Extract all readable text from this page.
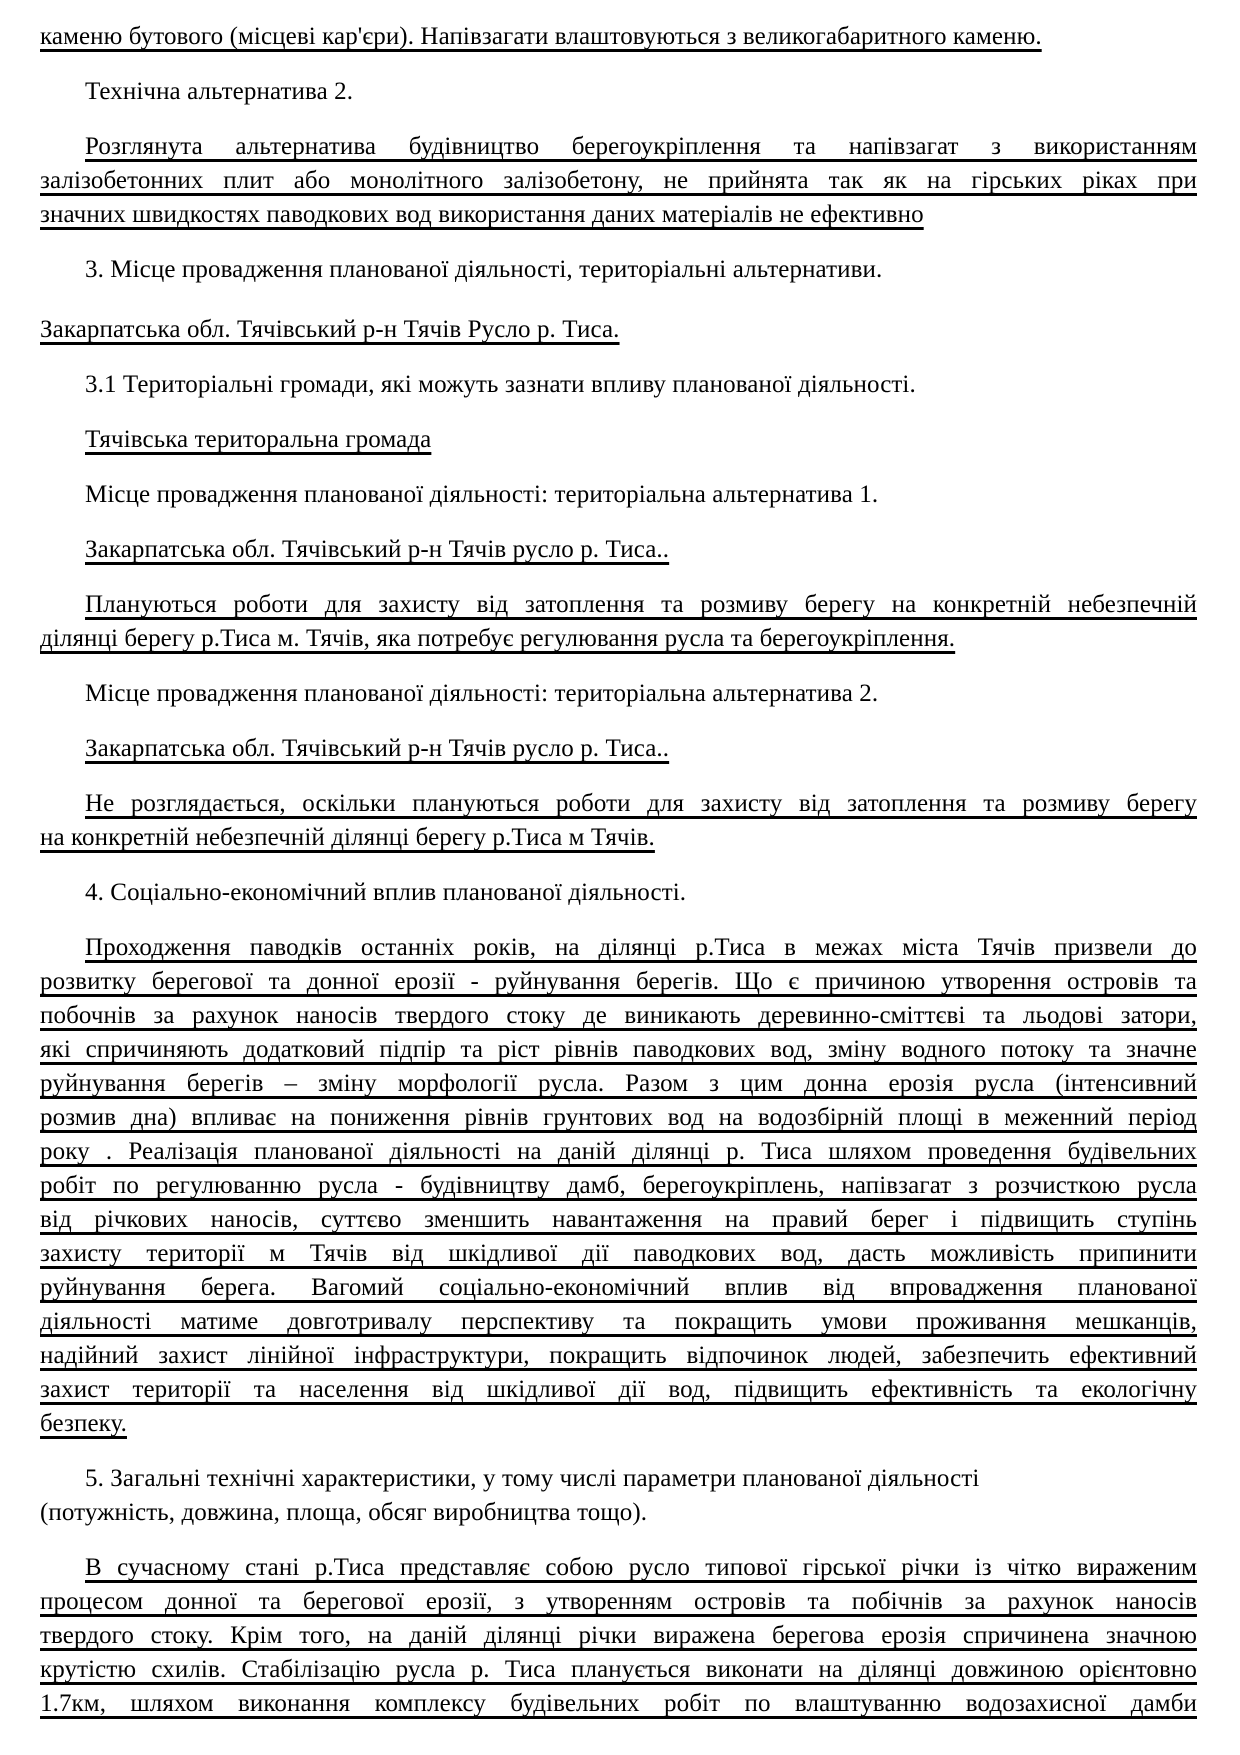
каменю бутового (місцеві кар'єри). Напівзагати влаштовуються з великогабаритного каменю.
Технічна альтернатива 2.
Розглянута альтернатива будівництво берегоукріплення та напівзагат з використанням
залізобетонних плит або монолітного залізобетону, не прийнята так як на гірських ріках при
значних швидкостях паводкових вод використання даних матеріалів не ефективно
3. Місце провадження планованої діяльності, територіальні альтернативи.
Закарпатська обл. Тячівський р-н Тячів Русло р. Тиса.
3.1 Територіальні громади, які можуть зазнати впливу планованої діяльності.
Тячівська територальна громада
Місце провадження планованої діяльності: територіальна альтернатива 1.
Закарпатська обл. Тячівський р-н Тячів русло р. Тиса..
Плануються роботи для захисту від затоплення та розмиву берегу на конкретній небезпечній
ділянці берегу р.Тиса м. Тячів, яка потребує регулювання русла та берегоукріплення.
Місце провадження планованої діяльності: територіальна альтернатива 2.
Закарпатська обл. Тячівський р-н Тячів русло р. Тиса..
Не розглядається, оскільки плануються роботи для захисту від затоплення та розмиву берегу
на конкретній небезпечній ділянці берегу р.Тиса м Тячів.
4. Соціально-економічний вплив планованої діяльності.
Проходження паводків останніх років, на ділянці р.Тиса в межах міста Тячів призвели до
розвитку берегової та донної ерозії - руйнування берегів. Що є причиною утворення островів та
побочнів за рахунок наносів твердого стоку де виникають деревинно-сміттєві та льодові затори,
які спричиняють додатковий підпір та ріст рівнів паводкових вод, зміну водного потоку та значне
руйнування берегів – зміну морфології русла. Разом з цим донна ерозія русла (інтенсивний
розмив дна) впливає на пониження рівнів грунтових вод на водозбірній площі в меженний період
року . Реалізація планованої діяльності на даній ділянці р. Тиса шляхом проведення будівельних
робіт по регулюванню русла - будівництву дамб, берегоукріплень, напівзагат з розчисткою русла
від річкових наносів, суттєво зменшить навантаження на правий берег і підвищить ступінь
захисту території м Тячів від шкідливої дії паводкових вод, дасть можливість припинити
руйнування берега. Вагомий соціально-економічний вплив від впровадження планованої
діяльності матиме довготривалу перспективу та покращить умови проживання мешканців,
надійний захист лінійної інфраструктури, покращить відпочинок людей, забезпечить ефективний
захист території та населення від шкідливої дії вод, підвищить ефективність та екологічну
безпеку.
5. Загальні технічні характеристики, у тому числі параметри планованої діяльності
(потужність, довжина, площа, обсяг виробництва тощо).
В сучасному стані р.Тиса представляє собою русло типової гірської річки із чітко вираженим
процесом донної та берегової ерозії, з утворенням островів та побічнів за рахунок наносів
твердого стоку. Крім того, на даній ділянці річки виражена берегова ерозія спричинена значною
крутістю схилів. Стабілізацію русла р. Тиса планується виконати на ділянці довжиною орієнтовно
1.7км, шляхом виконання комплексу будівельних робіт по влаштуванню водозахисної дамби
